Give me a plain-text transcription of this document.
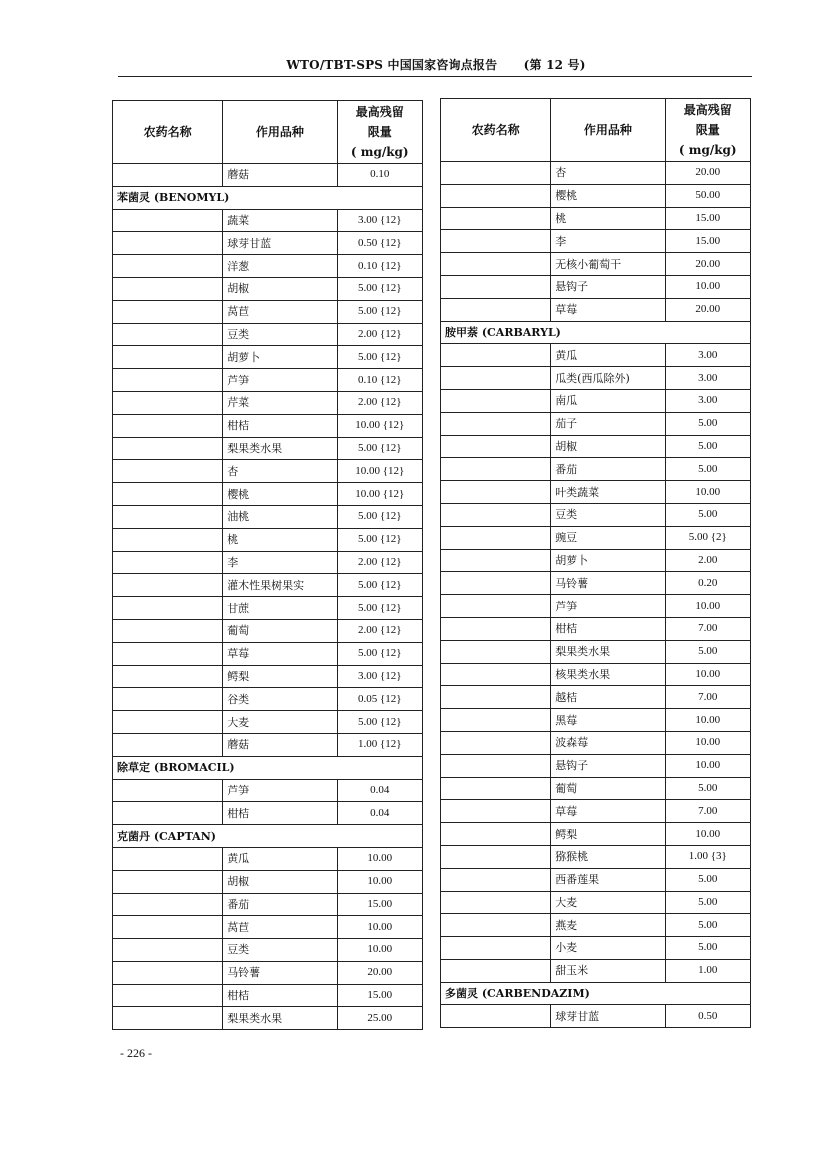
WTO/TBT-SPS 中国国家咨询点报告 (第 12 号)
农药名称	作用品种	最高残留
限量
( mg/kg)
	蘑菇	0.10
苯菌灵 (BENOMYL)		
	蔬菜	3.00 {12}
	球芽甘蓝	0.50 {12}
	洋葱	0.10 {12}
	胡椒	5.00 {12}
	莴苣	5.00 {12}
	豆类	2.00 {12}
	胡萝卜	5.00 {12}
	芦笋	0.10 {12}
	芹菜	2.00 {12}
	柑桔	10.00 {12}
	梨果类水果	5.00 {12}
	杏	10.00 {12}
	樱桃	10.00 {12}
	油桃	5.00 {12}
	桃	5.00 {12}
	李	2.00 {12}
	灌木性果树果实	5.00 {12}
	甘蔗	5.00 {12}
	葡萄	2.00 {12}
	草莓	5.00 {12}
	鳄梨	3.00 {12}
	谷类	0.05 {12}
	大麦	5.00 {12}
	蘑菇	1.00 {12}
除草定 (BROMACIL)		
	芦笋	0.04
	柑桔	0.04
克菌丹 (CAPTAN)		
	黄瓜	10.00
	胡椒	10.00
	番茄	15.00
	莴苣	10.00
	豆类	10.00
	马铃薯	20.00
	柑桔	15.00
	梨果类水果	25.00
农药名称	作用品种	最高残留
限量
( mg/kg)
	杏	20.00
	樱桃	50.00
	桃	15.00
	李	15.00
	无核小葡萄干	20.00
	悬钩子	10.00
	草莓	20.00
胺甲萘 (CARBARYL)		
	黄瓜	3.00
	瓜类(西瓜除外)	3.00
	南瓜	3.00
	茄子	5.00
	胡椒	5.00
	番茄	5.00
	叶类蔬菜	10.00
	豆类	5.00
	豌豆	5.00 {2}
	胡萝卜	2.00
	马铃薯	0.20
	芦笋	10.00
	柑桔	7.00
	梨果类水果	5.00
	核果类水果	10.00
	越桔	7.00
	黑莓	10.00
	波森莓	10.00
	悬钩子	10.00
	葡萄	5.00
	草莓	7.00
	鳄梨	10.00
	猕猴桃	1.00 {3}
	西番莲果	5.00
	大麦	5.00
	燕麦	5.00
	小麦	5.00
	甜玉米	1.00
多菌灵 (CARBENDAZIM)		
	球芽甘蓝	0.50
- 226 -
